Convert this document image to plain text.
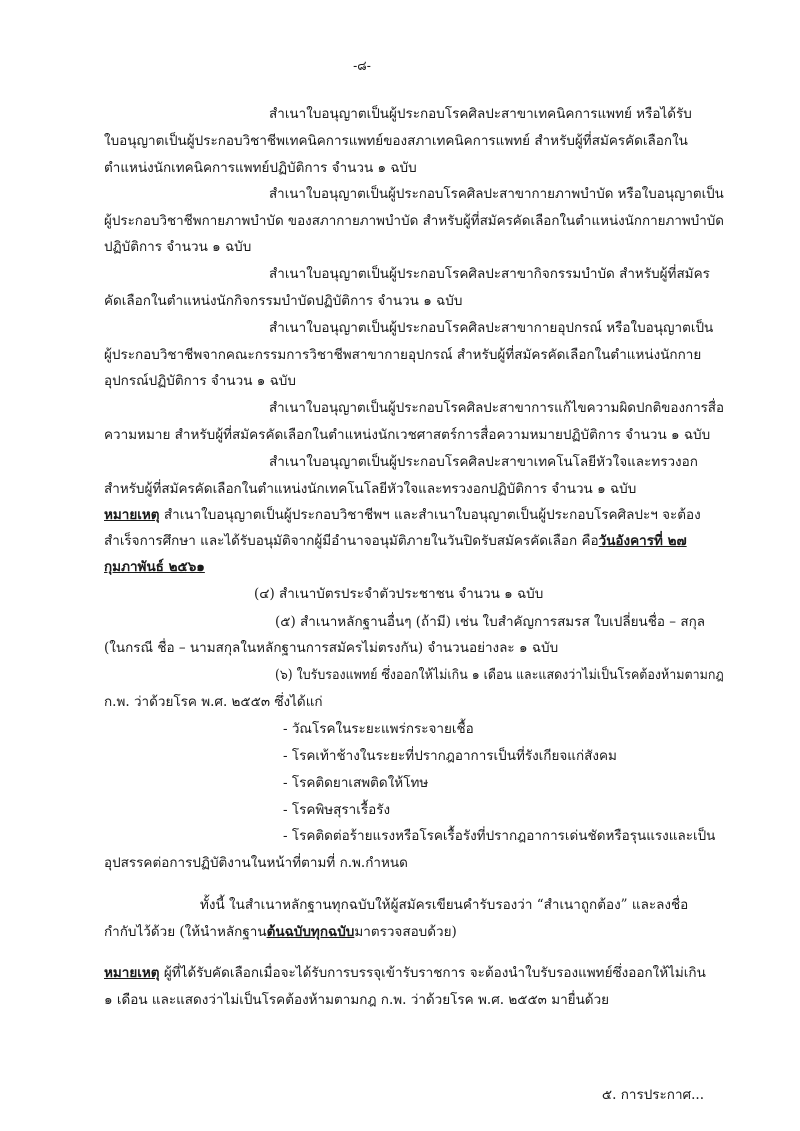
-๘-
สำเนาใบอนุญาตเป็นผู้ประกอบโรคศิลปะสาขาเทคนิคการแพทย์ หรือได้รับ
ใบอนุญาตเป็นผู้ประกอบวิชาชีพเทคนิคการแพทย์ของสภาเทคนิคการแพทย์ สำหรับผู้ที่สมัครคัดเลือกใน
ตำแหน่งนักเทคนิคการแพทย์ปฏิบัติการ จำนวน ๑ ฉบับ
สำเนาใบอนุญาตเป็นผู้ประกอบโรคศิลปะสาขากายภาพบำบัด หรือใบอนุญาตเป็น
ผู้ประกอบวิชาชีพกายภาพบำบัด ของสภากายภาพบำบัด สำหรับผู้ที่สมัครคัดเลือกในตำแหน่งนักกายภาพบำบัด
ปฏิบัติการ จำนวน ๑ ฉบับ
สำเนาใบอนุญาตเป็นผู้ประกอบโรคศิลปะสาขากิจกรรมบำบัด สำหรับผู้ที่สมัคร
คัดเลือกในตำแหน่งนักกิจกรรมบำบัดปฏิบัติการ จำนวน ๑ ฉบับ
สำเนาใบอนุญาตเป็นผู้ประกอบโรคศิลปะสาขากายอุปกรณ์ หรือใบอนุญาตเป็น
ผู้ประกอบวิชาชีพจากคณะกรรมการวิชาชีพสาขากายอุปกรณ์ สำหรับผู้ที่สมัครคัดเลือกในตำแหน่งนักกาย
อุปกรณ์ปฏิบัติการ จำนวน ๑ ฉบับ
สำเนาใบอนุญาตเป็นผู้ประกอบโรคศิลปะสาขาการแก้ไขความผิดปกติของการสื่อ
ความหมาย สำหรับผู้ที่สมัครคัดเลือกในตำแหน่งนักเวชศาสตร์การสื่อความหมายปฏิบัติการ จำนวน ๑ ฉบับ
สำเนาใบอนุญาตเป็นผู้ประกอบโรคศิลปะสาขาเทคโนโลยีหัวใจและทรวงอก
สำหรับผู้ที่สมัครคัดเลือกในตำแหน่งนักเทคโนโลยีหัวใจและทรวงอกปฏิบัติการ จำนวน ๑ ฉบับ
หมายเหตุ สำเนาใบอนุญาตเป็นผู้ประกอบวิชาชีพฯ และสำเนาใบอนุญาตเป็นผู้ประกอบโรคศิลปะฯ จะต้อง
สำเร็จการศึกษา และได้รับอนุมัติจากผู้มีอำนาจอนุมัติภายในวันปิดรับสมัครคัดเลือก คือวันอังคารที่ ๒๗
กุมภาพันธ์ ๒๕๖๑
(๔) สำเนาบัตรประจำตัวประชาชน จำนวน ๑ ฉบับ
(๕) สำเนาหลักฐานอื่นๆ (ถ้ามี) เช่น ใบสำคัญการสมรส ใบเปลี่ยนชื่อ – สกุล
(ในกรณี ชื่อ – นามสกุลในหลักฐานการสมัครไม่ตรงกัน) จำนวนอย่างละ ๑ ฉบับ
(๖) ใบรับรองแพทย์ ซึ่งออกให้ไม่เกิน ๑ เดือน และแสดงว่าไม่เป็นโรคต้องห้ามตามกฎ
ก.พ. ว่าด้วยโรค พ.ศ. ๒๕๕๓ ซึ่งได้แก่
- วัณโรคในระยะแพร่กระจายเชื้อ
- โรคเท้าช้างในระยะที่ปรากฎอาการเป็นที่รังเกียจแก่สังคม
- โรคติดยาเสพติดให้โทษ
- โรคพิษสุราเรื้อรัง
- โรคติดต่อร้ายแรงหรือโรคเรื้อรังที่ปรากฎอาการเด่นชัดหรือรุนแรงและเป็น
อุปสรรคต่อการปฏิบัติงานในหน้าที่ตามที่ ก.พ.กำหนด
ทั้งนี้ ในสำเนาหลักฐานทุกฉบับให้ผู้สมัครเขียนคำรับรองว่า “สำเนาถูกต้อง” และลงชื่อ
กำกับไว้ด้วย (ให้นำหลักฐานต้นฉบับทุกฉบับมาตรวจสอบด้วย)
หมายเหตุ ผู้ที่ได้รับคัดเลือกเมื่อจะได้รับการบรรจุเข้ารับราชการ จะต้องนำใบรับรองแพทย์ซึ่งออกให้ไม่เกิน
๑ เดือน และแสดงว่าไม่เป็นโรคต้องห้ามตามกฎ ก.พ. ว่าด้วยโรค พ.ศ. ๒๕๕๓ มายื่นด้วย
๕. การประกาศ...
